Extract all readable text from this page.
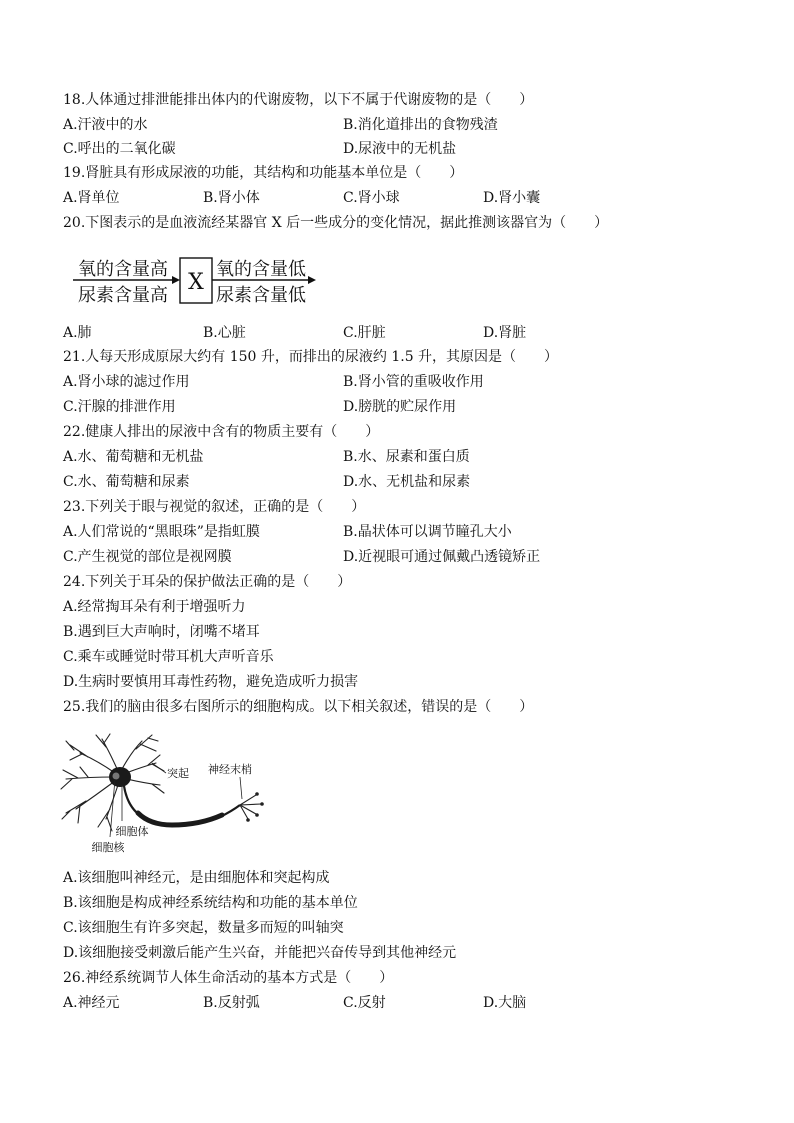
18.人体通过排泄能排出体内的代谢废物，以下不属于代谢废物的是（　　）
A.汗液中的水	B.消化道排出的食物残渣
C.呼出的二氧化碳	D.尿液中的无机盐
19.肾脏具有形成尿液的功能，其结构和功能基本单位是（　　）
A.肾单位	B.肾小体	C.肾小球	D.肾小囊
20.下图表示的是血液流经某器官 X 后一些成分的变化情况，据此推测该器官为（　　）
氧的含量高
尿素含量高
X
氧的含量低
尿素含量低
A.肺	B.心脏	C.肝脏	D.肾脏
21.人每天形成原尿大约有 150 升，而排出的尿液约 1.5 升，其原因是（　　）
A.肾小球的滤过作用	B.肾小管的重吸收作用
C.汗腺的排泄作用	D.膀胱的贮尿作用
22.健康人排出的尿液中含有的物质主要有（　　）
A.水、葡萄糖和无机盐	B.水、尿素和蛋白质
C.水、葡萄糖和尿素	D.水、无机盐和尿素
23.下列关于眼与视觉的叙述，正确的是（　　）
A.人们常说的“黑眼珠”是指虹膜	B.晶状体可以调节瞳孔大小
C.产生视觉的部位是视网膜	D.近视眼可通过佩戴凸透镜矫正
24.下列关于耳朵的保护做法正确的是（　　）
A.经常掏耳朵有利于增强听力
B.遇到巨大声响时，闭嘴不堵耳
C.乘车或睡觉时带耳机大声听音乐
D.生病时要慎用耳毒性药物，避免造成听力损害
25.我们的脑由很多右图所示的细胞构成。以下相关叙述，错误的是（　　）
突起 神经末梢
细胞体
细胞核
A.该细胞叫神经元，是由细胞体和突起构成
B.该细胞是构成神经系统结构和功能的基本单位
C.该细胞生有许多突起，数量多而短的叫轴突
D.该细胞接受刺激后能产生兴奋，并能把兴奋传导到其他神经元
26.神经系统调节人体生命活动的基本方式是（　　）
A.神经元	B.反射弧	C.反射	D.大脑
